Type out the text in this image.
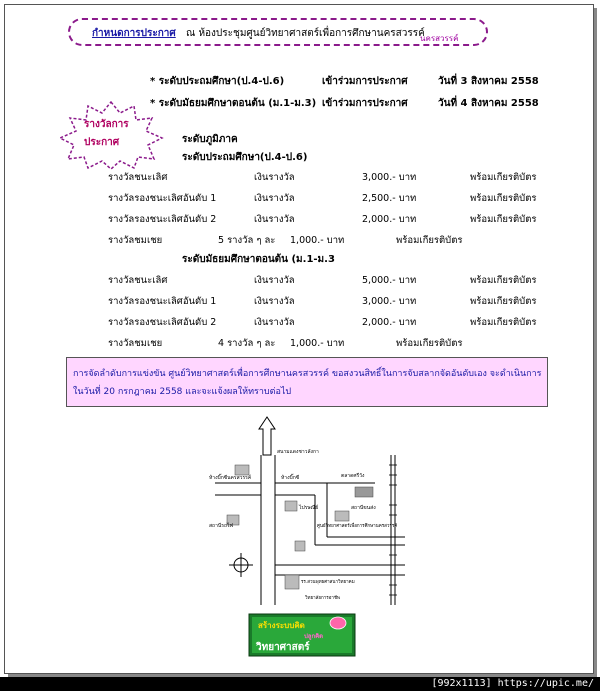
กำหนดการประกาศ ณ ห้องประชุมศูนย์วิทยาศาสตร์เพื่อการศึกษานครสวรรค์
นครสวรรค์
* ระดับประถมศึกษา(ป.4-ป.6)	เข้าร่วมการประกาศ	วันที่ 3 สิงหาคม 2558
* ระดับมัธยมศึกษาตอนต้น (ม.1-ม.3) เข้าร่วมการประกาศ	วันที่ 4 สิงหาคม 2558
รางวัลการ
ประกาศ	ระดับภูมิภาค
ระดับประถมศึกษา(ป.4-ป.6)
รางวัลชนะเลิศ	เงินรางวัล	3,000.- บาท	พร้อมเกียรติบัตร
รางวัลรองชนะเลิศอันดับ 1	เงินรางวัล	2,500.- บาท	พร้อมเกียรติบัตร
รางวัลรองชนะเลิศอันดับ 2	เงินรางวัล	2,000.- บาท	พร้อมเกียรติบัตร
รางวัลชมเชย	5 รางวัล ๆ ละ 1,000.- บาท	พร้อมเกียรติบัตร
ระดับมัธยมศึกษาตอนต้น (ม.1-ม.3
รางวัลชนะเลิศ	เงินรางวัล	5,000.- บาท	พร้อมเกียรติบัตร
รางวัลรองชนะเลิศอันดับ 1	เงินรางวัล	3,000.- บาท	พร้อมเกียรติบัตร
รางวัลรองชนะเลิศอันดับ 2	เงินรางวัล	2,000.- บาท	พร้อมเกียรติบัตร
รางวัลชมเชย	4 รางวัล ๆ ละ 1,000.- บาท	พร้อมเกียรติบัตร
การจัดลำดับการแข่งขัน ศูนย์วิทยาศาสตร์เพื่อการศึกษานครสวรรค์ ขอสงวนสิทธิ์ในการจับสลากจัดอันดับเอง จะดำเนินการ
ในวันที่ 20 กรกฎาคม 2558 และจะแจ้งผลให้ทราบต่อไป
สนามแดงชาวลังกา
ห้างบิ๊กซีนครสวรรค์	ตลาดศรีวัง
ห้างบิ๊กซี
ไปรษณีย์	สถานีขนส่ง
ศูนย์วิทยาศาสตร์เพื่อการศึกษานครสวรรค์
สถานีรถไฟ
รร.สวนพุทธศาสนาวิทยาคม
วิทยาลัยการอาชีพ
สร้างระบบคิด
ปลูกคิด
วิทยาศาสตร์
[992x1113] https://upic.me/
